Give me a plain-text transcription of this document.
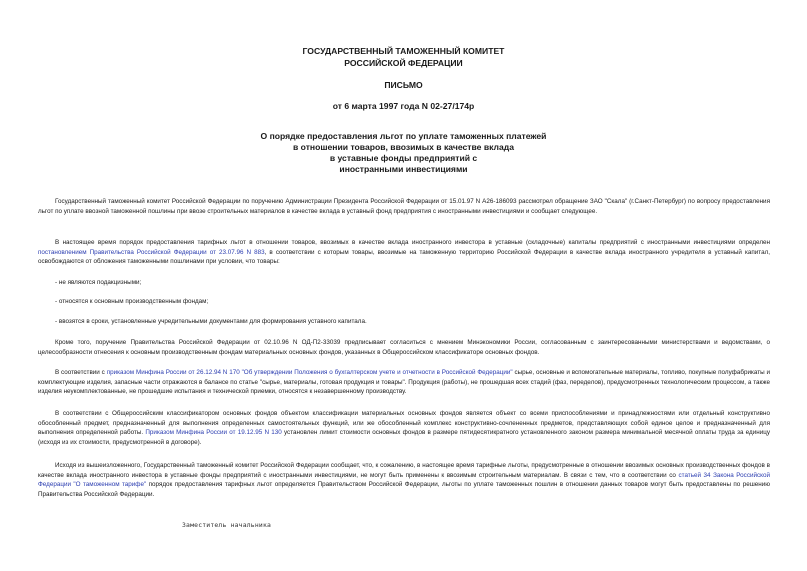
ГОСУДАРСТВЕННЫЙ ТАМОЖЕННЫЙ КОМИТЕТ
РОССИЙСКОЙ ФЕДЕРАЦИИ
ПИСЬМО
от 6 марта 1997 года N 02-27/174р
О порядке предоставления льгот по уплате таможенных платежей
в отношении товаров, ввозимых в качестве вклада
в уставные фонды предприятий с
иностранными инвестициями
Государственный таможенный комитет Российской Федерации по поручению Администрации Президента Российской Федерации от 15.01.97 N А26-186093 рассмотрел обращение ЗАО "Скала" (г.Санкт-Петербург) по вопросу предоставления льгот по уплате ввозной таможенной пошлины при ввозе строительных материалов в качестве вклада в уставный фонд предприятия с иностранными инвестициями и сообщает следующее.
В настоящее время порядок предоставления тарифных льгот в отношении товаров, ввозимых в качестве вклада иностранного инвестора в уставные (складочные) капиталы предприятий с иностранными инвестициями определен постановлением Правительства Российской Федерации от 23.07.96 N 883, в соответствии с которым товары, ввозимые на таможенную территорию Российской Федерации в качестве вклада иностранного учредителя в уставный капитал, освобождаются от обложения таможенными пошлинами при условии, что товары:
- не являются подакцизными;
- относятся к основным производственным фондам;
- ввозятся в сроки, установленные учредительными документами для формирования уставного капитала.
Кроме того, поручение Правительства Российской Федерации от 02.10.96 N ОД-П2-33039 предписывает согласиться с мнением Минэкономики России, согласованным с заинтересованными министерствами и ведомствами, о целесообразности отнесения к основным производственным фондам материальных основных фондов, указанных в Общероссийском классификаторе основных фондов.
В соответствии с приказом Минфина России от 26.12.94 N 170 "Об утверждении Положения о бухгалтерском учете и отчетности в Российской Федерации" сырье, основные и вспомогательные материалы, топливо, покупные полуфабрикаты и комплектующие изделия, запасные части отражаются в балансе по статье "сырье, материалы, готовая продукция и товары". Продукция (работы), не прошедшая всех стадий (фаз, переделов), предусмотренных технологическим процессом, а также изделия неукомплектованные, не прошедшие испытания и технической приемки, относятся к незавершенному производству.
В соответствии с Общероссийским классификатором основных фондов объектом классификации материальных основных фондов является объект со всеми приспособлениями и принадлежностями или отдельный конструктивно обособленный предмет, предназначенный для выполнения определенных самостоятельных функций, или же обособленный комплекс конструктивно-сочлененных предметов, представляющих собой единое целое и предназначенный для выполнения определенной работы. Приказом Минфина России от 19.12.95 N 130 установлен лимит стоимости основных фондов в размере пятидесятикратного установленного законом размера минимальной месячной оплаты труда за единицу (исходя из их стоимости, предусмотренной в договоре).
Исходя из вышеизложенного, Государственный таможенный комитет Российской Федерации сообщает, что, к сожалению, в настоящее время тарифные льготы, предусмотренные в отношении ввозимых основных производственных фондов в качестве вклада иностранного инвестора в уставные фонды предприятий с иностранными инвестициями, не могут быть применены к ввозимым строительным материалам. В связи с тем, что в соответствии со статьей 34 Закона Российской Федерации "О таможенном тарифе" порядок предоставления тарифных льгот определяется Правительством Российской Федерации, льготы по уплате таможенных пошлин в отношении данных товаров могут быть предоставлены по решению Правительства Российской Федерации.
Заместитель начальника
